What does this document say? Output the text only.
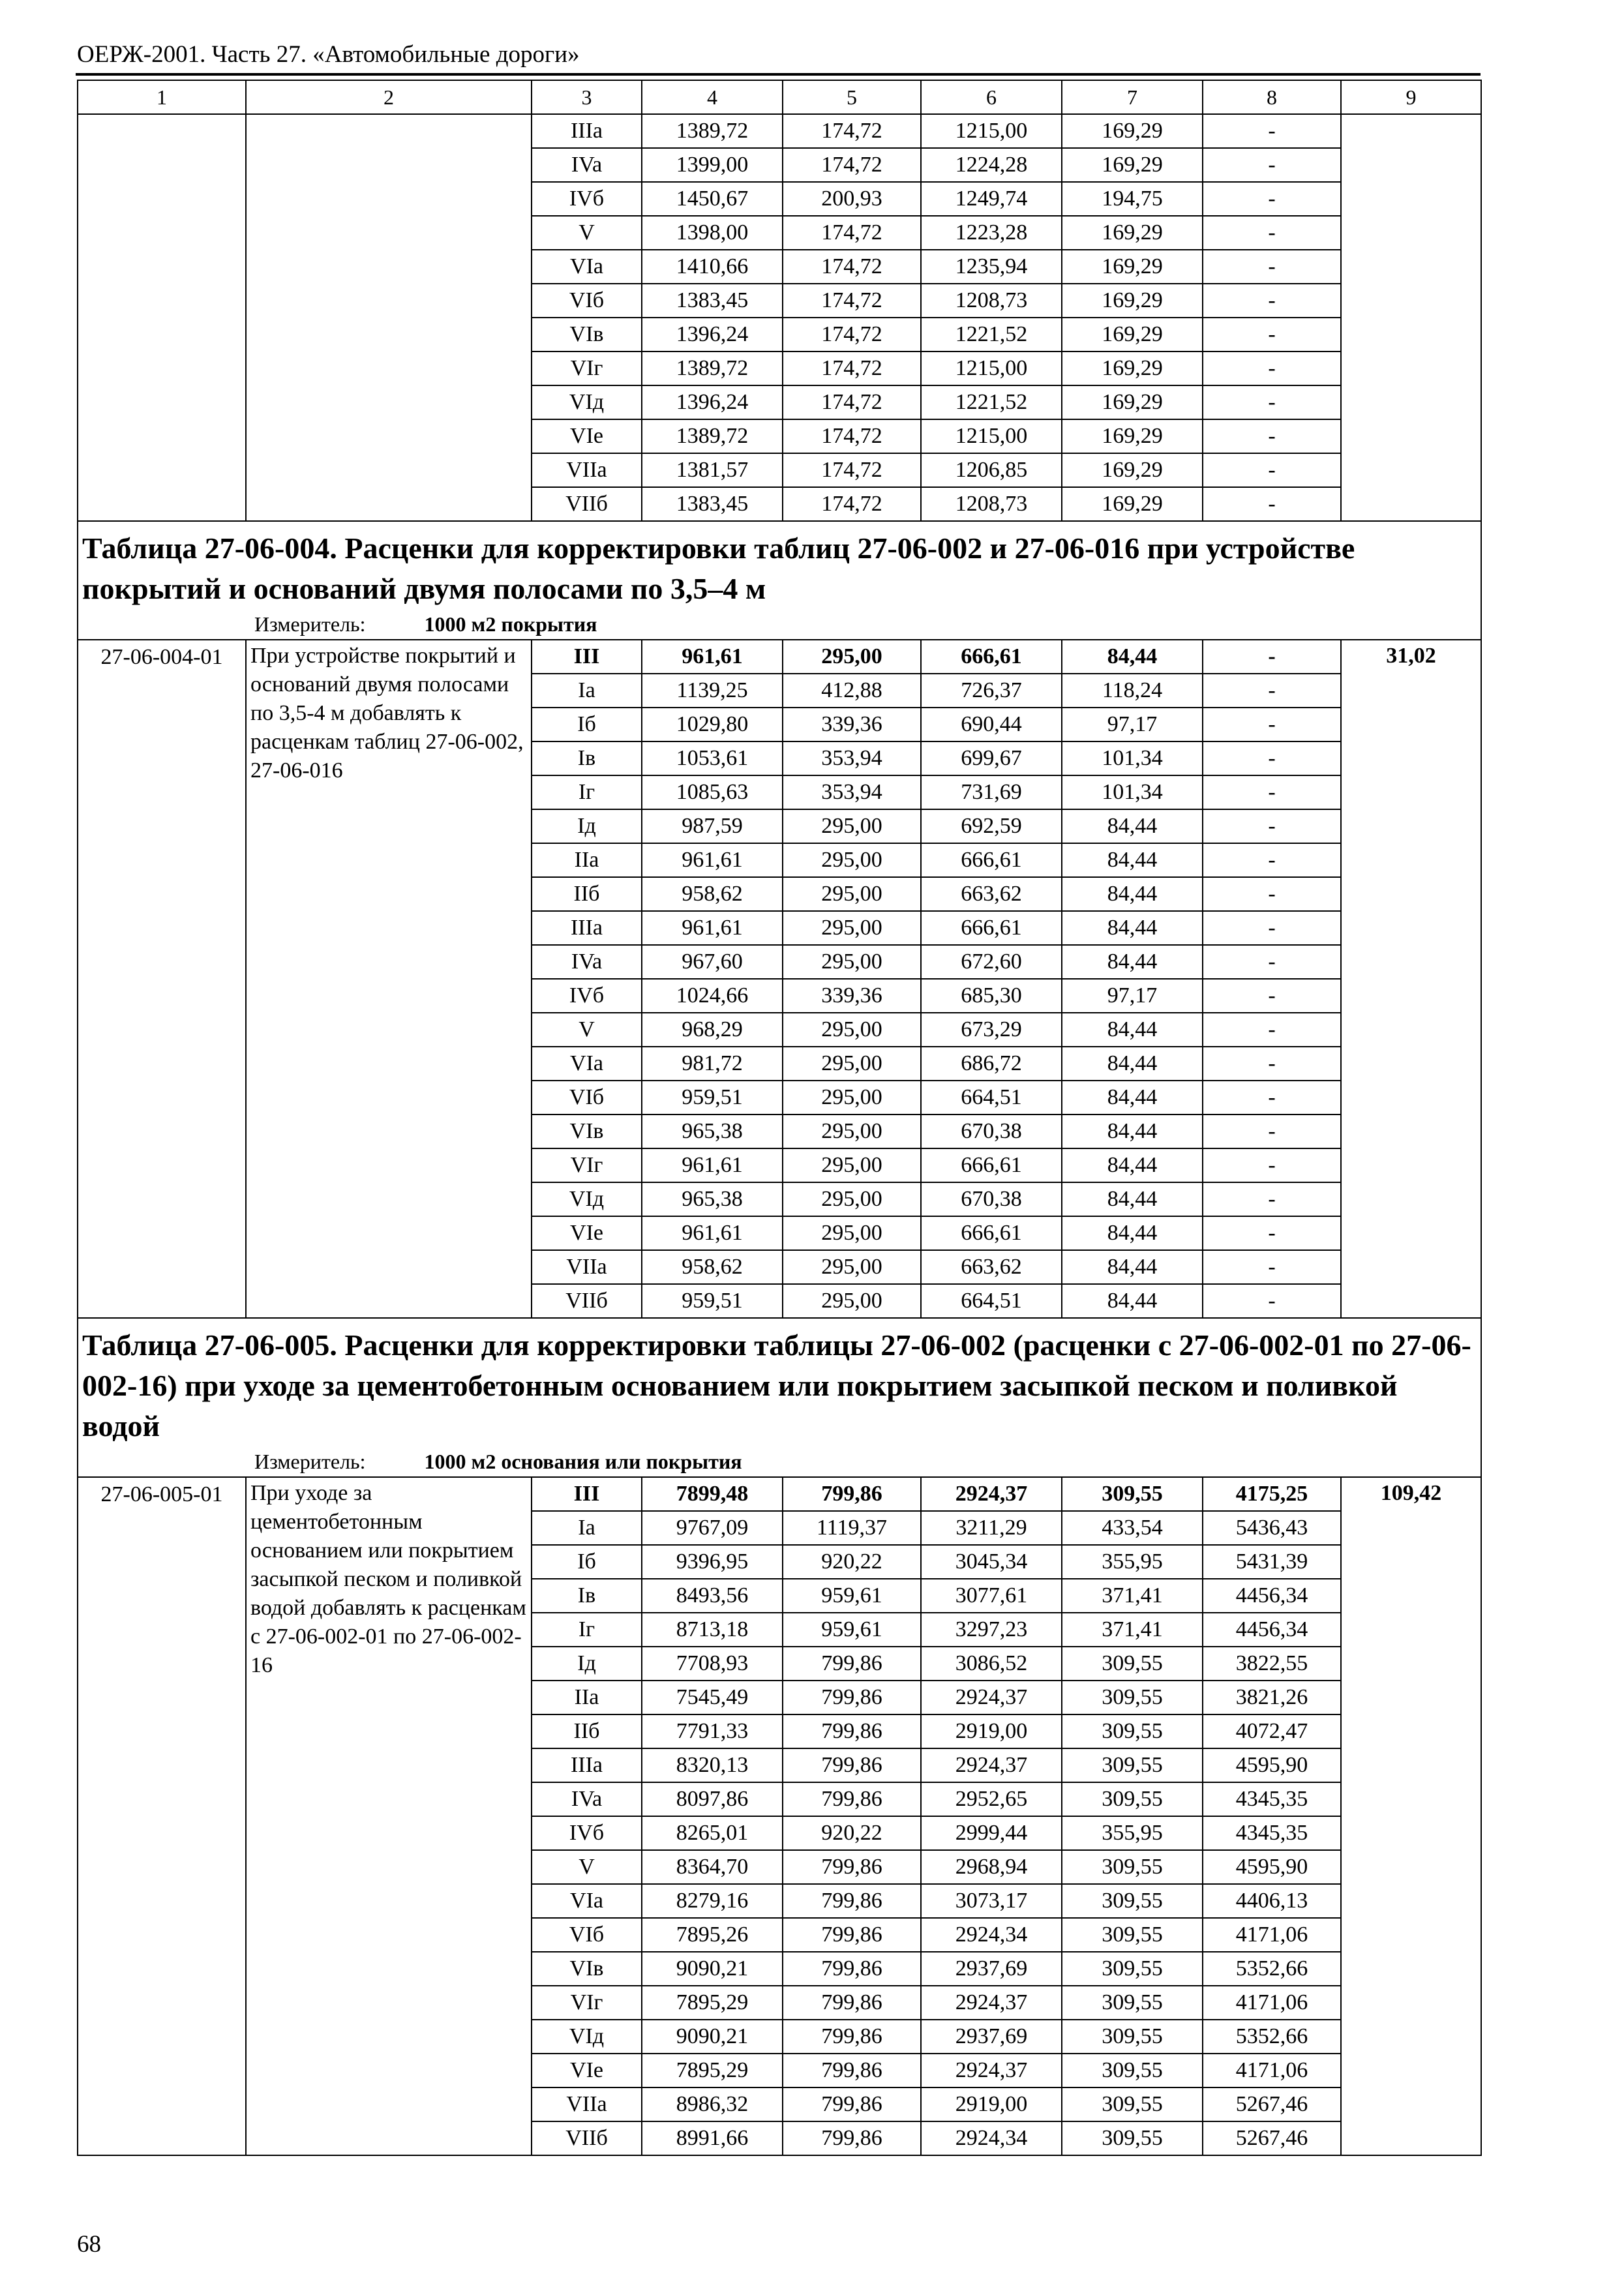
ОЕРЖ-2001. Часть 27. «Автомобильные дороги»
1	2	3	4	5	6	7	8	9
		IIIa	1389,72	174,72	1215,00	169,29	-	
		IVa	1399,00	174,72	1224,28	169,29	-	
		IVб	1450,67	200,93	1249,74	194,75	-	
		V	1398,00	174,72	1223,28	169,29	-	
		VIa	1410,66	174,72	1235,94	169,29	-	
		VIб	1383,45	174,72	1208,73	169,29	-	
		VIв	1396,24	174,72	1221,52	169,29	-	
		VIг	1389,72	174,72	1215,00	169,29	-	
		VIд	1396,24	174,72	1221,52	169,29	-	
		VIe	1389,72	174,72	1215,00	169,29	-	
		VIIa	1381,57	174,72	1206,85	169,29	-	
		VIIб	1383,45	174,72	1208,73	169,29	-	
Таблица 27-06-004. Расценки для корректировки таблиц 27-06-002 и 27-06-016 при устройстве покрытий и оснований двумя полосами по 3,5–4 м								
Измеритель: 1000 м2 покрытия								
27-06-004-01	При устройстве покрытий и оснований двумя полосами по 3,5-4 м добавлять к расценкам таблиц 27-06-002, 27-06-016	III	961,61	295,00	666,61	84,44	-	31,02
		Ia	1139,25	412,88	726,37	118,24	-	
		Iб	1029,80	339,36	690,44	97,17	-	
		Iв	1053,61	353,94	699,67	101,34	-	
		Iг	1085,63	353,94	731,69	101,34	-	
		Iд	987,59	295,00	692,59	84,44	-	
		IIa	961,61	295,00	666,61	84,44	-	
		IIб	958,62	295,00	663,62	84,44	-	
		IIIa	961,61	295,00	666,61	84,44	-	
		IVa	967,60	295,00	672,60	84,44	-	
		IVб	1024,66	339,36	685,30	97,17	-	
		V	968,29	295,00	673,29	84,44	-	
		VIa	981,72	295,00	686,72	84,44	-	
		VIб	959,51	295,00	664,51	84,44	-	
		VIв	965,38	295,00	670,38	84,44	-	
		VIг	961,61	295,00	666,61	84,44	-	
		VIд	965,38	295,00	670,38	84,44	-	
		VIe	961,61	295,00	666,61	84,44	-	
		VIIa	958,62	295,00	663,62	84,44	-	
		VIIб	959,51	295,00	664,51	84,44	-	
Таблица 27-06-005. Расценки для корректировки таблицы 27-06-002 (расценки с 27-06-002-01 по 27-06-002-16) при уходе за цементобетонным основанием или покрытием засыпкой песком и поливкой водой								
Измеритель: 1000 м2 основания или покрытия								
27-06-005-01	При уходе за цементобетонным основанием или покрытием засыпкой песком и поливкой водой добавлять к расценкам с 27-06-002-01 по 27-06-002-16	III	7899,48	799,86	2924,37	309,55	4175,25	109,42
		Ia	9767,09	1119,37	3211,29	433,54	5436,43	
		Iб	9396,95	920,22	3045,34	355,95	5431,39	
		Iв	8493,56	959,61	3077,61	371,41	4456,34	
		Iг	8713,18	959,61	3297,23	371,41	4456,34	
		Iд	7708,93	799,86	3086,52	309,55	3822,55	
		IIa	7545,49	799,86	2924,37	309,55	3821,26	
		IIб	7791,33	799,86	2919,00	309,55	4072,47	
		IIIa	8320,13	799,86	2924,37	309,55	4595,90	
		IVa	8097,86	799,86	2952,65	309,55	4345,35	
		IVб	8265,01	920,22	2999,44	355,95	4345,35	
		V	8364,70	799,86	2968,94	309,55	4595,90	
		VIa	8279,16	799,86	3073,17	309,55	4406,13	
		VIб	7895,26	799,86	2924,34	309,55	4171,06	
		VIв	9090,21	799,86	2937,69	309,55	5352,66	
		VIг	7895,29	799,86	2924,37	309,55	4171,06	
		VIд	9090,21	799,86	2937,69	309,55	5352,66	
		VIe	7895,29	799,86	2924,37	309,55	4171,06	
		VIIa	8986,32	799,86	2919,00	309,55	5267,46	
		VIIб	8991,66	799,86	2924,34	309,55	5267,46	
68
